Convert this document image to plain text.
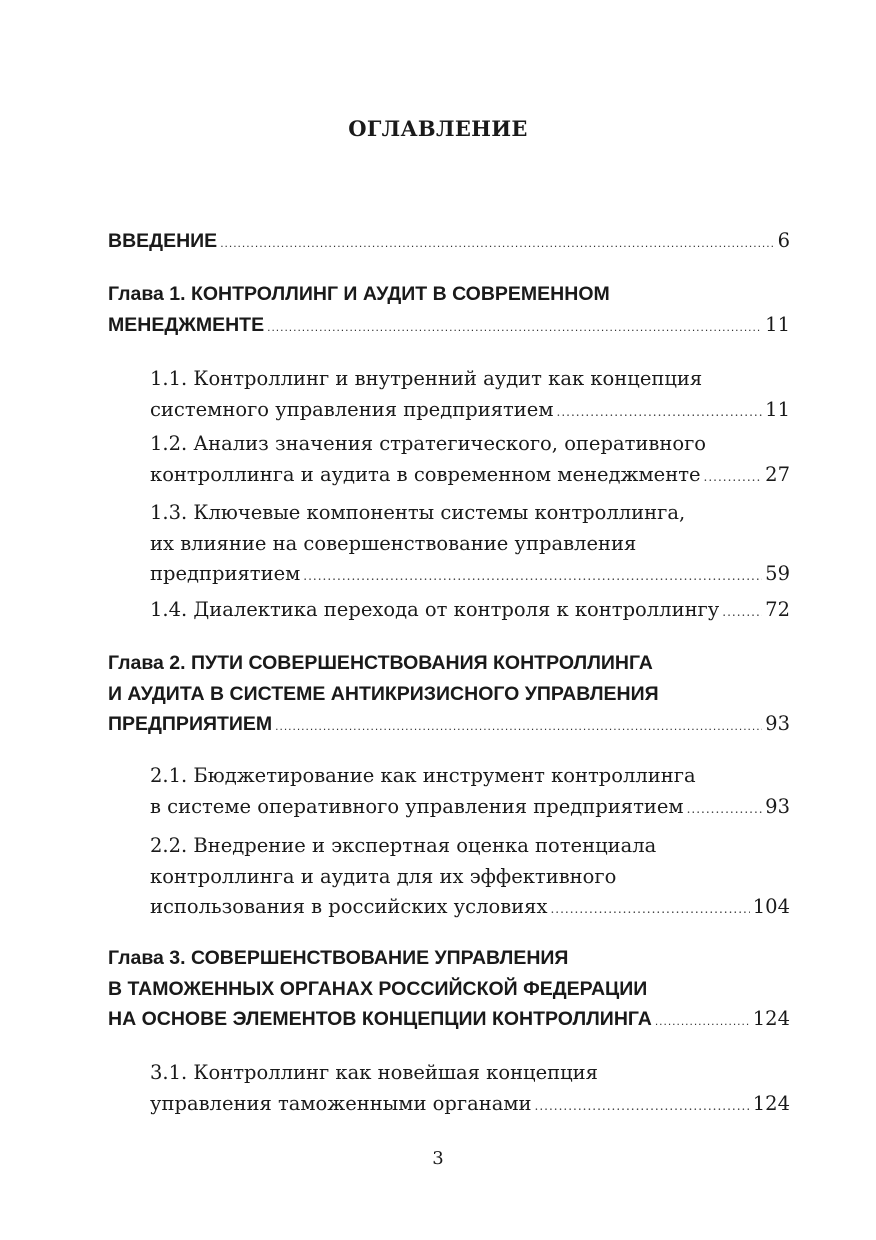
ОГЛАВЛЕНИЕ
ВВЕДЕНИЕ .....	6
Глава 1. КОНТРОЛЛИНГ И АУДИТ В СОВРЕМЕННОМ
МЕНЕДЖМЕНТЕ .....	11
1.1. Контроллинг и внутренний аудит как концепция
системного управления предприятием .....	11
1.2. Анализ значения стратегического, оперативного
контроллинга и аудита в современном менеджменте .....	27
1.3. Ключевые компоненты системы контроллинга,
их влияние на совершенствование управления
предприятием .....	59
1.4. Диалектика перехода от контроля к контроллингу ..... 72
Глава 2. ПУТИ СОВЕРШЕНСТВОВАНИЯ КОНТРОЛЛИНГА
И АУДИТА В СИСТЕМЕ АНТИКРИЗИСНОГО УПРАВЛЕНИЯ
ПРЕДПРИЯТИЕМ .....	93
2.1. Бюджетирование как инструмент контроллинга
в системе оперативного управления предприятием .....	93
2.2. Внедрение и экспертная оценка потенциала
контроллинга и аудита для их эффективного
использования в российских условиях .....	104
Глава 3. СОВЕРШЕНСТВОВАНИЕ УПРАВЛЕНИЯ
В ТАМОЖЕННЫХ ОРГАНАХ РОССИЙСКОЙ ФЕДЕРАЦИИ
НА ОСНОВЕ ЭЛЕМЕНТОВ КОНЦЕПЦИИ КОНТРОЛЛИНГА .....	124
3.1. Контроллинг как новейшая концепция
управления таможенными органами .....	124
3
